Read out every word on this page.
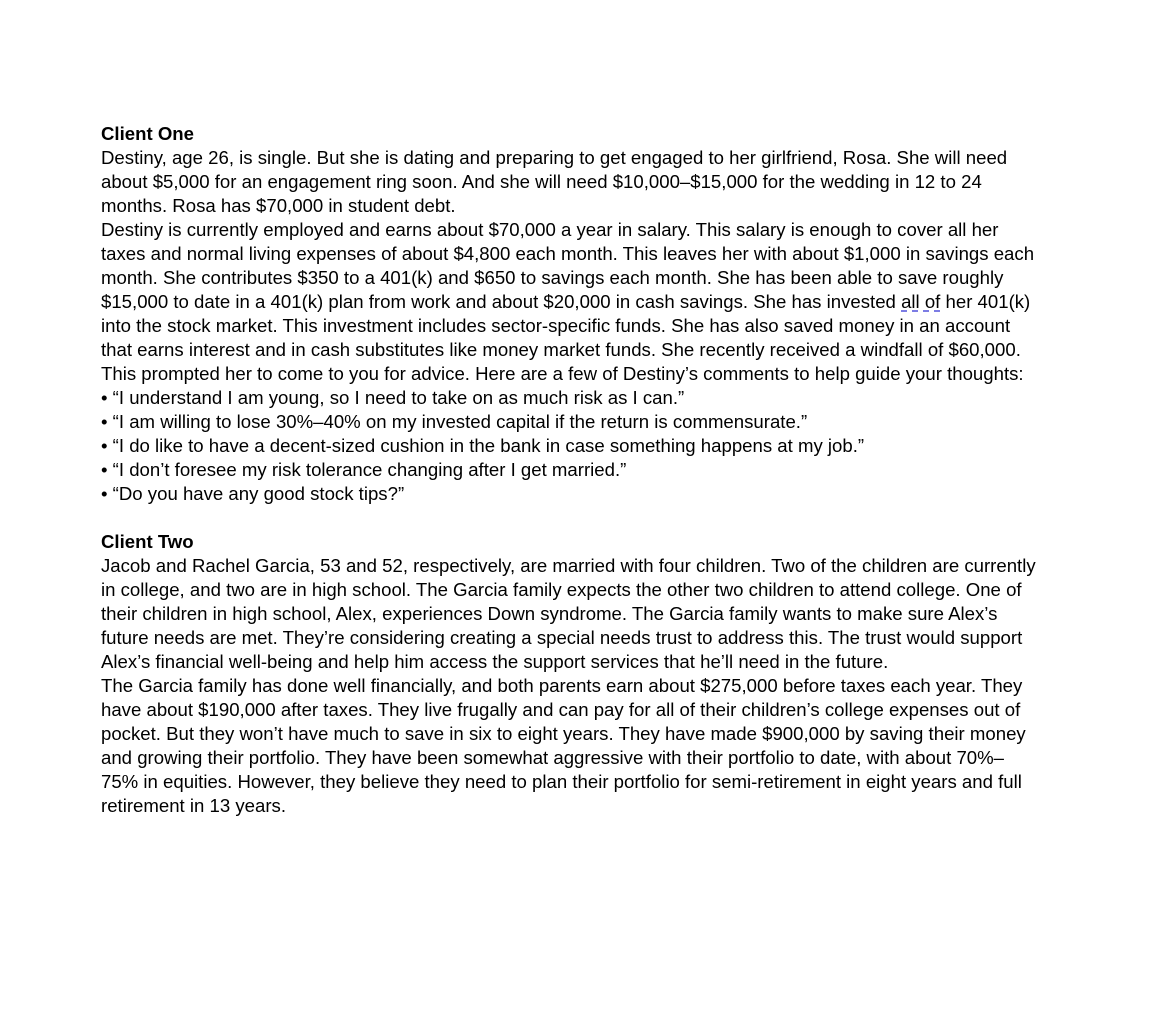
Client One

Destiny, age 26, is single. But she is dating and preparing to get engaged to her girlfriend, Rosa. She will need about $5,000 for an engagement ring soon. And she will need $10,000–$15,000 for the wedding in 12 to 24 months. Rosa has $70,000 in student debt.

Destiny is currently employed and earns about $70,000 a year in salary. This salary is enough to cover all her taxes and normal living expenses of about $4,800 each month. This leaves her with about $1,000 in savings each month. She contributes $350 to a 401(k) and $650 to savings each month. She has been able to save roughly $15,000 to date in a 401(k) plan from work and about $20,000 in cash savings. She has invested all of her 401(k) into the stock market. This investment includes sector-specific funds. She has also saved money in an account that earns interest and in cash substitutes like money market funds. She recently received a windfall of $60,000. This prompted her to come to you for advice. Here are a few of Destiny’s comments to help guide your thoughts:

• “I understand I am young, so I need to take on as much risk as I can.”

• “I am willing to lose 30%–40% on my invested capital if the return is commensurate.”

• “I do like to have a decent-sized cushion in the bank in case something happens at my job.”

• “I don’t foresee my risk tolerance changing after I get married.”

• “Do you have any good stock tips?”

Client Two

Jacob and Rachel Garcia, 53 and 52, respectively, are married with four children. Two of the children are currently in college, and two are in high school. The Garcia family expects the other two children to attend college. One of their children in high school, Alex, experiences Down syndrome. The Garcia family wants to make sure Alex’s future needs are met. They’re considering creating a special needs trust to address this. The trust would support Alex’s financial well-being and help him access the support services that he’ll need in the future.

The Garcia family has done well financially, and both parents earn about $275,000 before taxes each year. They have about $190,000 after taxes. They live frugally and can pay for all of their children’s college expenses out of pocket. But they won’t have much to save in six to eight years. They have made $900,000 by saving their money and growing their portfolio. They have been somewhat aggressive with their portfolio to date, with about 70%–75% in equities. However, they believe they need to plan their portfolio for semi-retirement in eight years and full retirement in 13 years.
